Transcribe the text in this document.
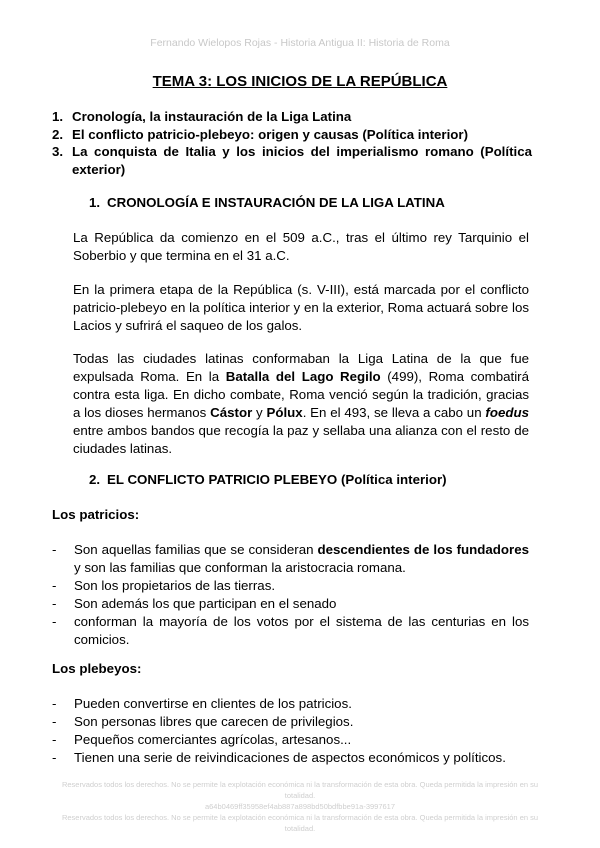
Fernando Wielopos Rojas - Historia Antigua II: Historia de Roma
TEMA 3: LOS INICIOS DE LA REPÚBLICA
1. Cronología, la instauración de la Liga Latina
2. El conflicto patricio-plebeyo: origen y causas (Política interior)
3. La conquista de Italia y los inicios del imperialismo romano (Política exterior)
1. CRONOLOGÍA E INSTAURACIÓN DE LA LIGA LATINA

La República da comienzo en el 509 a.C., tras el último rey Tarquinio el Soberbio y que termina en el 31 a.C.

En la primera etapa de la República (s. V-III), está marcada por el conflicto patricio-plebeyo en la política interior y en la exterior, Roma actuará sobre los Lacios y sufrirá el saqueo de los galos.

Todas las ciudades latinas conformaban la Liga Latina de la que fue expulsada Roma. En la Batalla del Lago Regilo (499), Roma combatirá contra esta liga. En dicho combate, Roma venció según la tradición, gracias a los dioses hermanos Cástor y Pólux. En el 493, se lleva a cabo un foedus entre ambos bandos que recogía la paz y sellaba una alianza con el resto de ciudades latinas.

2. EL CONFLICTO PATRICIO PLEBEYO (Política interior)
Los patricios:
- Son aquellas familias que se consideran descendientes de los fundadores y son las familias que conforman la aristocracia romana.
- Son los propietarios de las tierras.
- Son además los que participan en el senado
- conforman la mayoría de los votos por el sistema de las centurias en los comicios.
Los plebeyos:
- Pueden convertirse en clientes de los patricios.
- Son personas libres que carecen de privilegios.
- Pequeños comerciantes agrícolas, artesanos...
- Tienen una serie de reivindicaciones de aspectos económicos y políticos.
Reservados todos los derechos. No se permite la explotación económica ni la transformación de esta obra. Queda permitida la impresión en su totalidad.
a64b0469ff35958ef4ab887a898bd50bdfbbe91a-3997617
Reservados todos los derechos. No se permite la explotación económica ni la transformación de esta obra. Queda permitida la impresión en su totalidad.
